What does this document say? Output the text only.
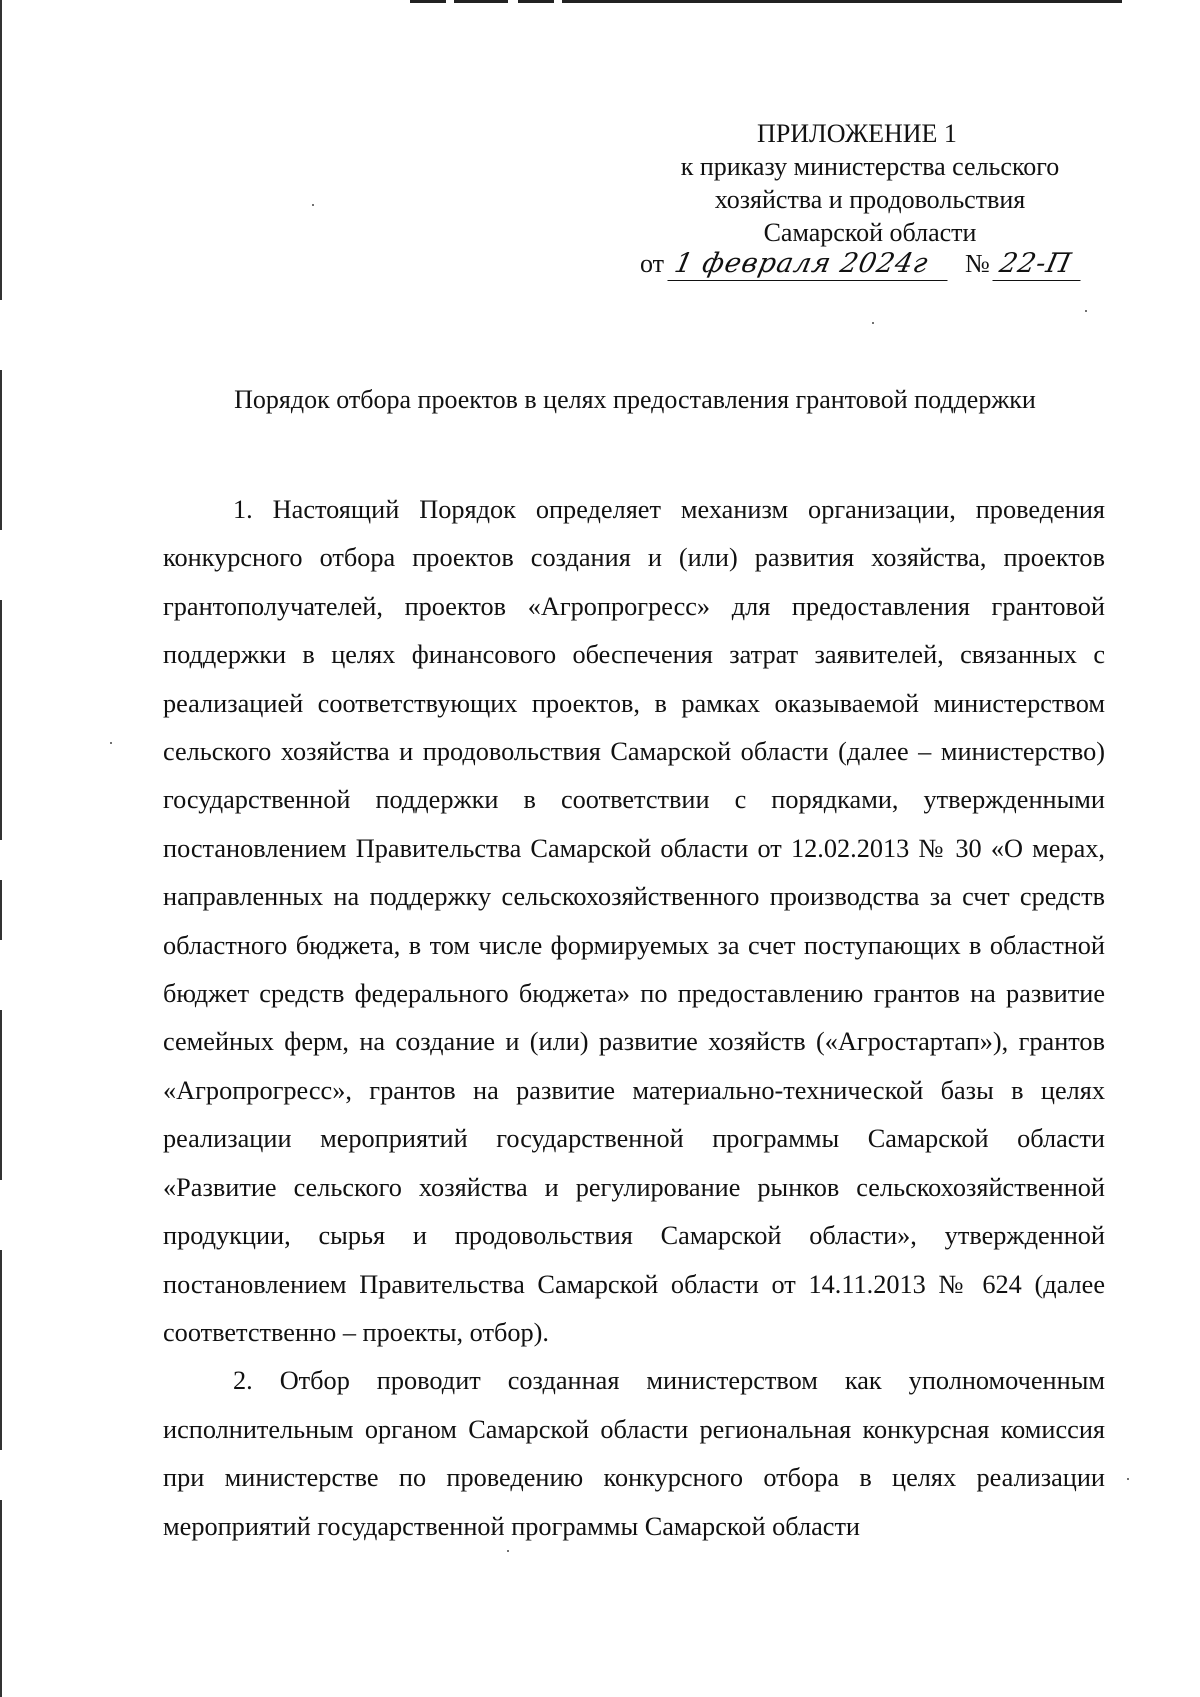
ПРИЛОЖЕНИЕ 1
к приказу министерства сельского
хозяйства и продовольствия
Самарской области
от 1 февраля 2024г № 22-П
Порядок отбора проектов в целях предоставления грантовой поддержки

1. Настоящий Порядок определяет механизм организации, проведения конкурсного отбора проектов создания и (или) развития хозяйства, проектов грантополучателей, проектов «Агропрогресс» для предоставления грантовой поддержки в целях финансового обеспечения затрат заявителей, связанных с реализацией соответствующих проектов, в рамках оказываемой министерством сельского хозяйства и продовольствия Самарской области (далее – министерство) государственной поддержки в соответствии с порядками, утвержденными постановлением Правительства Самарской области от 12.02.2013 № 30 «О мерах, направленных на поддержку сельскохозяйственного производства за счет средств областного бюджета, в том числе формируемых за счет поступающих в областной бюджет средств федерального бюджета» по предоставлению грантов на развитие семейных ферм, на создание и (или) развитие хозяйств («Агростартап»), грантов «Агропрогресс», грантов на развитие материально-технической базы в целях реализации мероприятий государственной программы Самарской области «Развитие сельского хозяйства и регулирование рынков сельскохозяйственной продукции, сырья и продовольствия Самарской области», утвержденной постановлением Правительства Самарской области от 14.11.2013 № 624 (далее соответственно – проекты, отбор).

2. Отбор проводит созданная министерством как уполномоченным исполнительным органом Самарской области региональная конкурсная комиссия при министерстве по проведению конкурсного отбора в целях реализации мероприятий государственной программы Самарской области
